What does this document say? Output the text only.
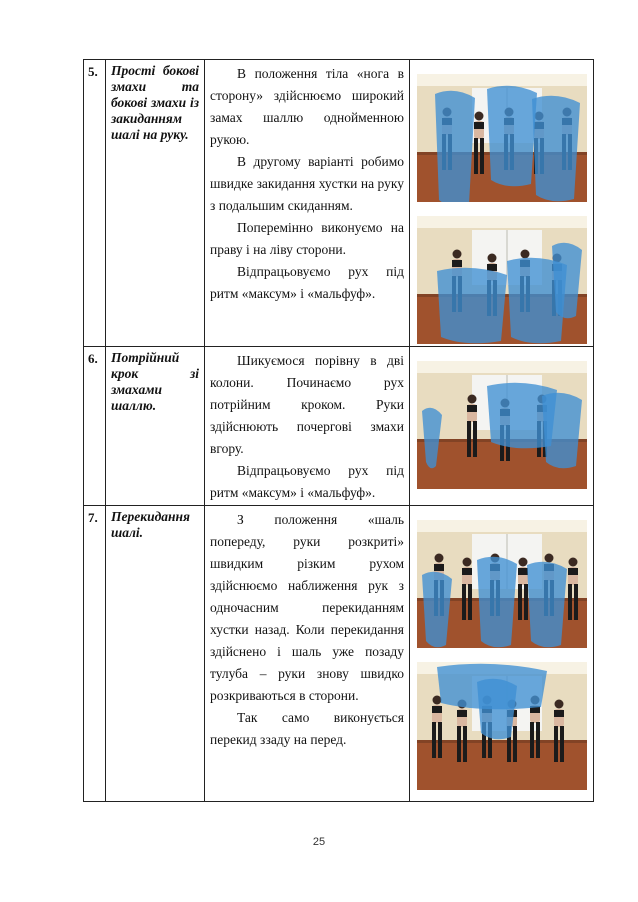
5.	Прості бокові змахи та бокові змахи із закиданням шалі на руку.	В положення тіла «нога в сторону» здійснюємо широкий замах шаллю однойменною рукою.

В другому варіанті робимо швидке закидання хустки на руку з подальшим скиданням.

Поперемінно виконуємо на праву і на ліву сторони.

Відпрацьовуємо рух під ритм «максум» і «мальфуф».

6.	Потрійний крок зі змахами шаллю.	Шикуємося порівну в дві колони. Починаємо рух потрійним кроком. Руки здійснюють почергові змахи вгору.

Відпрацьовуємо рух під ритм «максум» і «мальфуф».

7.	Перекидання шалі.	З положення «шаль попереду, руки розкриті» швидким різким рухом здійснюємо наближення рук з одночасним перекиданням хустки назад. Коли перекидання здійснено і шаль уже позаду тулуба – руки знову швидко розкриваються в сторони.

Так само виконується перекид ззаду на перед.

25
